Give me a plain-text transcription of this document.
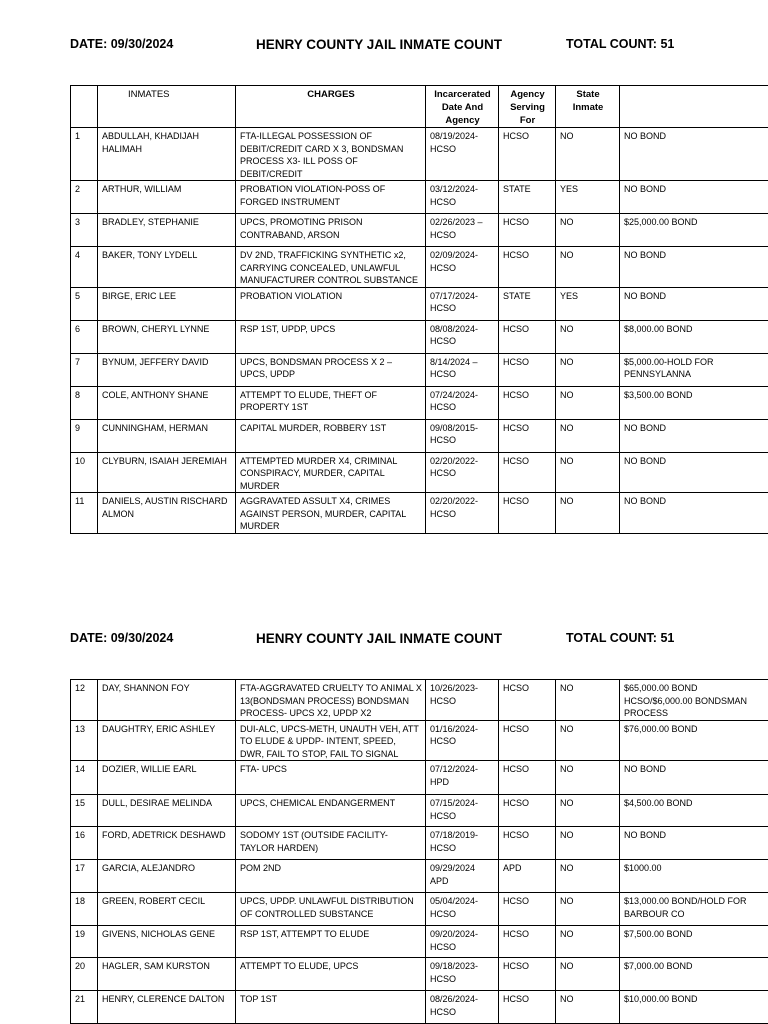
DATE: 09/30/2024	HENRY COUNTY JAIL INMATE COUNT	TOTAL COUNT: 51
	INMATES	CHARGES	Incarcerated Date And Agency	Agency Serving For	State Inmate	
1	ABDULLAH, KHADIJAH HALIMAH	FTA-ILLEGAL POSSESSION OF DEBIT/CREDIT CARD X 3, BONDSMAN PROCESS X3- ILL POSS OF DEBIT/CREDIT	08/19/2024-HCSO	HCSO	NO	NO BOND
2	ARTHUR, WILLIAM	PROBATION VIOLATION-POSS OF FORGED INSTRUMENT	03/12/2024-HCSO	STATE	YES	NO BOND
3	BRADLEY, STEPHANIE	UPCS, PROMOTING PRISON CONTRABAND, ARSON	02/26/2023 – HCSO	HCSO	NO	$25,000.00 BOND
4	BAKER, TONY LYDELL	DV 2ND, TRAFFICKING SYNTHETIC x2, CARRYING CONCEALED, UNLAWFUL MANUFACTURER CONTROL SUBSTANCE	02/09/2024-HCSO	HCSO	NO	NO BOND
5	BIRGE, ERIC LEE	PROBATION VIOLATION	07/17/2024-HCSO	STATE	YES	NO BOND
6	BROWN, CHERYL LYNNE	RSP 1ST, UPDP, UPCS	08/08/2024-HCSO	HCSO	NO	$8,000.00 BOND
7	BYNUM, JEFFERY DAVID	UPCS, BONDSMAN PROCESS X 2 – UPCS, UPDP	8/14/2024 – HCSO	HCSO	NO	$5,000.00-HOLD FOR PENNSYLANNA
8	COLE, ANTHONY SHANE	ATTEMPT TO ELUDE, THEFT OF PROPERTY 1ST	07/24/2024-HCSO	HCSO	NO	$3,500.00 BOND
9	CUNNINGHAM, HERMAN	CAPITAL MURDER, ROBBERY 1ST	09/08/2015-HCSO	HCSO	NO	NO BOND
10	CLYBURN, ISAIAH JEREMIAH	ATTEMPTED MURDER X4, CRIMINAL CONSPIRACY, MURDER, CAPITAL MURDER	02/20/2022-HCSO	HCSO	NO	NO BOND
11	DANIELS, AUSTIN RISCHARD ALMON	AGGRAVATED ASSULT X4, CRIMES AGAINST PERSON, MURDER, CAPITAL MURDER	02/20/2022-HCSO	HCSO	NO	NO BOND
DATE: 09/30/2024	HENRY COUNTY JAIL INMATE COUNT	TOTAL COUNT: 51
12	DAY, SHANNON FOY	FTA-AGGRAVATED CRUELTY TO ANIMAL X 13(BONDSMAN PROCESS) BONDSMAN PROCESS- UPCS X2, UPDP X2	10/26/2023-HCSO	HCSO	NO	$65,000.00 BOND HCSO/$6,000.00 BONDSMAN PROCESS
13	DAUGHTRY, ERIC ASHLEY	DUI-ALC, UPCS-METH, UNAUTH VEH, ATT TO ELUDE & UPDP- INTENT, SPEED, DWR, FAIL TO STOP, FAIL TO SIGNAL	01/16/2024-HCSO	HCSO	NO	$76,000.00 BOND
14	DOZIER, WILLIE EARL	FTA- UPCS	07/12/2024-HPD	HCSO	NO	NO BOND
15	DULL, DESIRAE MELINDA	UPCS, CHEMICAL ENDANGERMENT	07/15/2024-HCSO	HCSO	NO	$4,500.00 BOND
16	FORD, ADETRICK DESHAWD	SODOMY 1ST (OUTSIDE FACILITY-TAYLOR HARDEN)	07/18/2019-HCSO	HCSO	NO	NO BOND
17	GARCIA, ALEJANDRO	POM 2ND	09/29/2024 APD	APD	NO	$1000.00
18	GREEN, ROBERT CECIL	UPCS, UPDP. UNLAWFUL DISTRIBUTION OF CONTROLLED SUBSTANCE	05/04/2024-HCSO	HCSO	NO	$13,000.00 BOND/HOLD FOR BARBOUR CO
19	GIVENS, NICHOLAS GENE	RSP 1ST, ATTEMPT TO ELUDE	09/20/2024-HCSO	HCSO	NO	$7,500.00 BOND
20	HAGLER, SAM KURSTON	ATTEMPT TO ELUDE, UPCS	09/18/2023-HCSO	HCSO	NO	$7,000.00 BOND
21	HENRY, CLERENCE DALTON	TOP 1ST	08/26/2024-HCSO	HCSO	NO	$10,000.00 BOND
